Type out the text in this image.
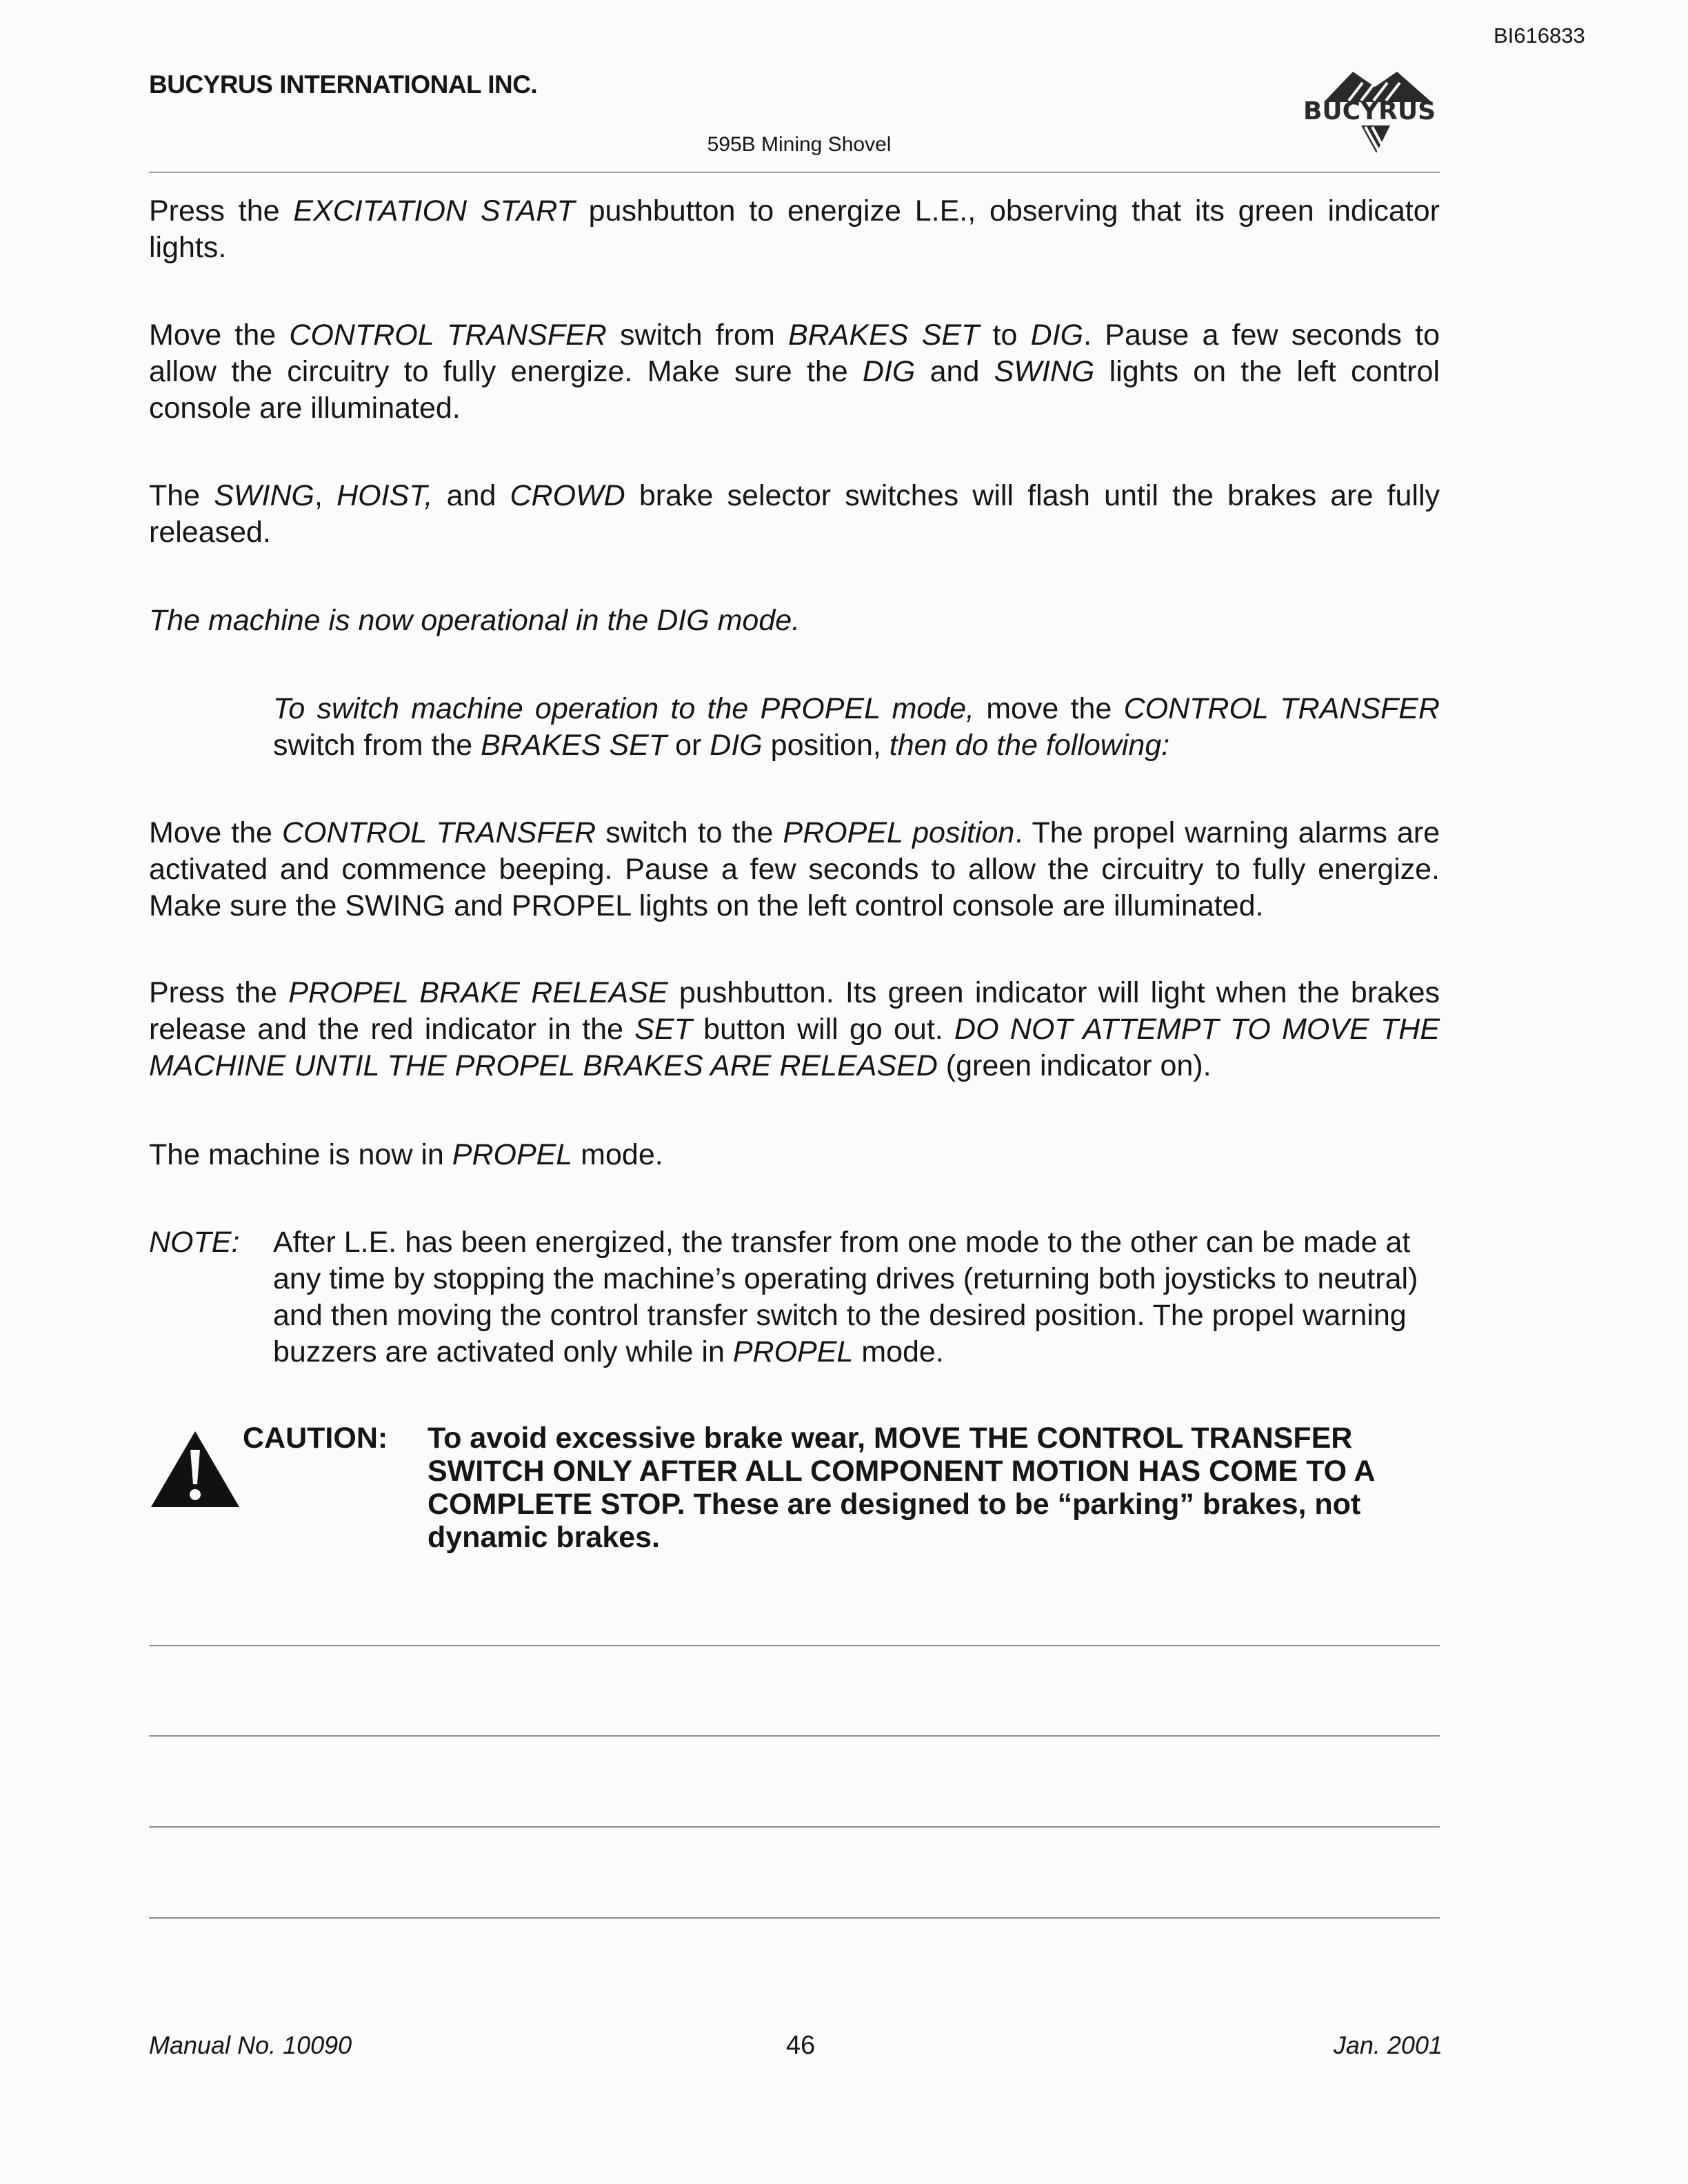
BI616833
BUCYRUS INTERNATIONAL INC.
595B Mining Shovel
BUCYRUS
Press the EXCITATION START pushbutton to energize L.E., observing that its green indicator lights.
Move the CONTROL TRANSFER switch from BRAKES SET to DIG. Pause a few seconds to allow the circuitry to fully energize. Make sure the DIG and SWING lights on the left control console are illuminated.
The SWING, HOIST, and CROWD brake selector switches will flash until the brakes are fully released.
The machine is now operational in the DIG mode.
To switch machine operation to the PROPEL mode, move the CONTROL TRANSFER switch from the BRAKES SET or DIG position, then do the following:
Move the CONTROL TRANSFER switch to the PROPEL position. The propel warning alarms are activated and commence beeping. Pause a few seconds to allow the circuitry to fully energize. Make sure the SWING and PROPEL lights on the left control console are illuminated.
Press the PROPEL BRAKE RELEASE pushbutton. Its green indicator will light when the brakes release and the red indicator in the SET button will go out. DO NOT ATTEMPT TO MOVE THE MACHINE UNTIL THE PROPEL BRAKES ARE RELEASED (green indicator on).
The machine is now in PROPEL mode.
NOTE: After L.E. has been energized, the transfer from one mode to the other can be made at any time by stopping the machine’s operating drives (returning both joysticks to neutral) and then moving the control transfer switch to the desired position. The propel warning buzzers are activated only while in PROPEL mode.
CAUTION: To avoid excessive brake wear, MOVE THE CONTROL TRANSFER SWITCH ONLY AFTER ALL COMPONENT MOTION HAS COME TO A COMPLETE STOP. These are designed to be “parking” brakes, not dynamic brakes.
Manual No. 10090	46	Jan. 2001
